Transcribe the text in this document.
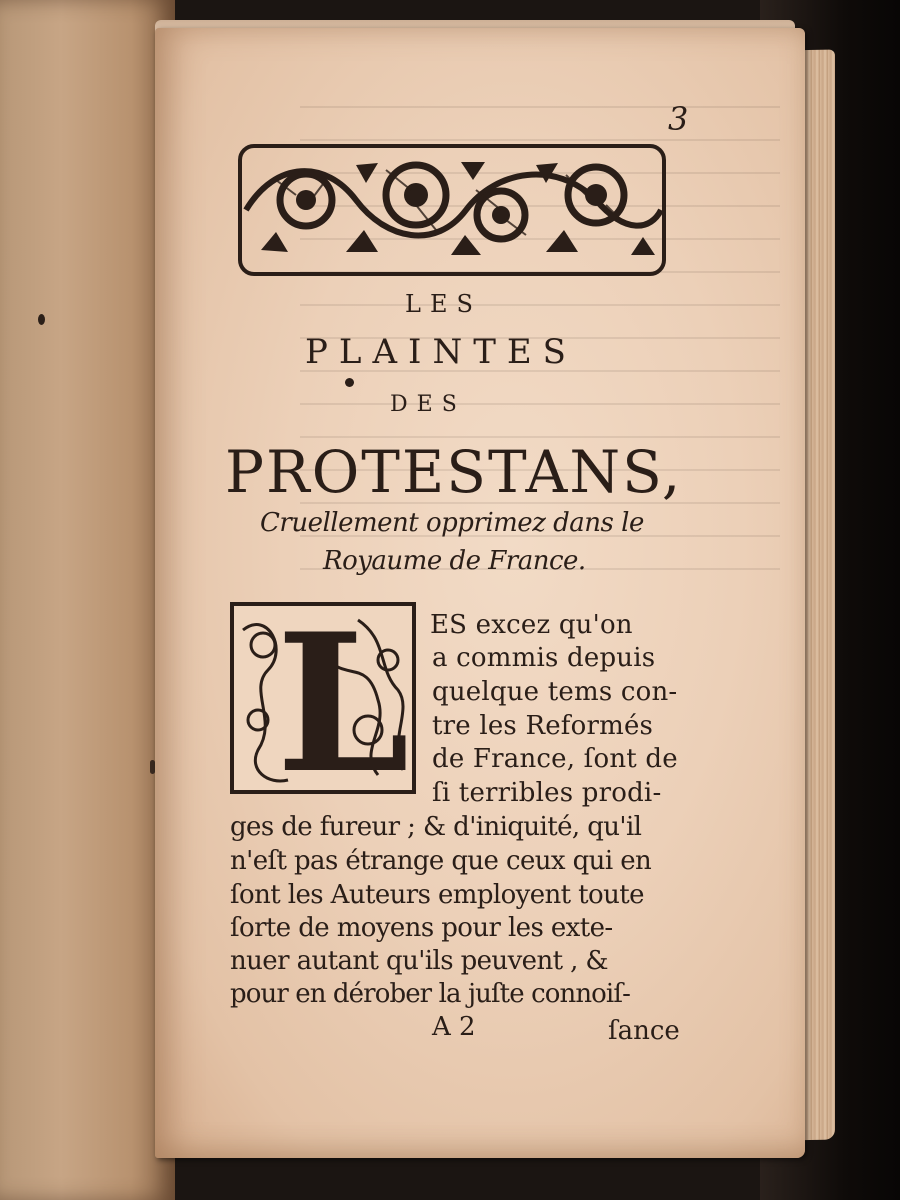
3

LES

PLAINTES

DES

PROTESTANS,

Cruellement opprimez dans le

Royaume de France.

L ES excez qu'on

a commis depuis

quelque tems con-

tre les Reformés

de France, ſont de

ſi terribles prodi-

ges de fureur ; & d'iniquité, qu'il

n'eſt pas étrange que ceux qui en

ſont les Auteurs employent toute

ſorte de moyens pour les exte-

nuer autant qu'ils peuvent , &

pour en dérober la juſte connoiſ-

A 2	ſance
